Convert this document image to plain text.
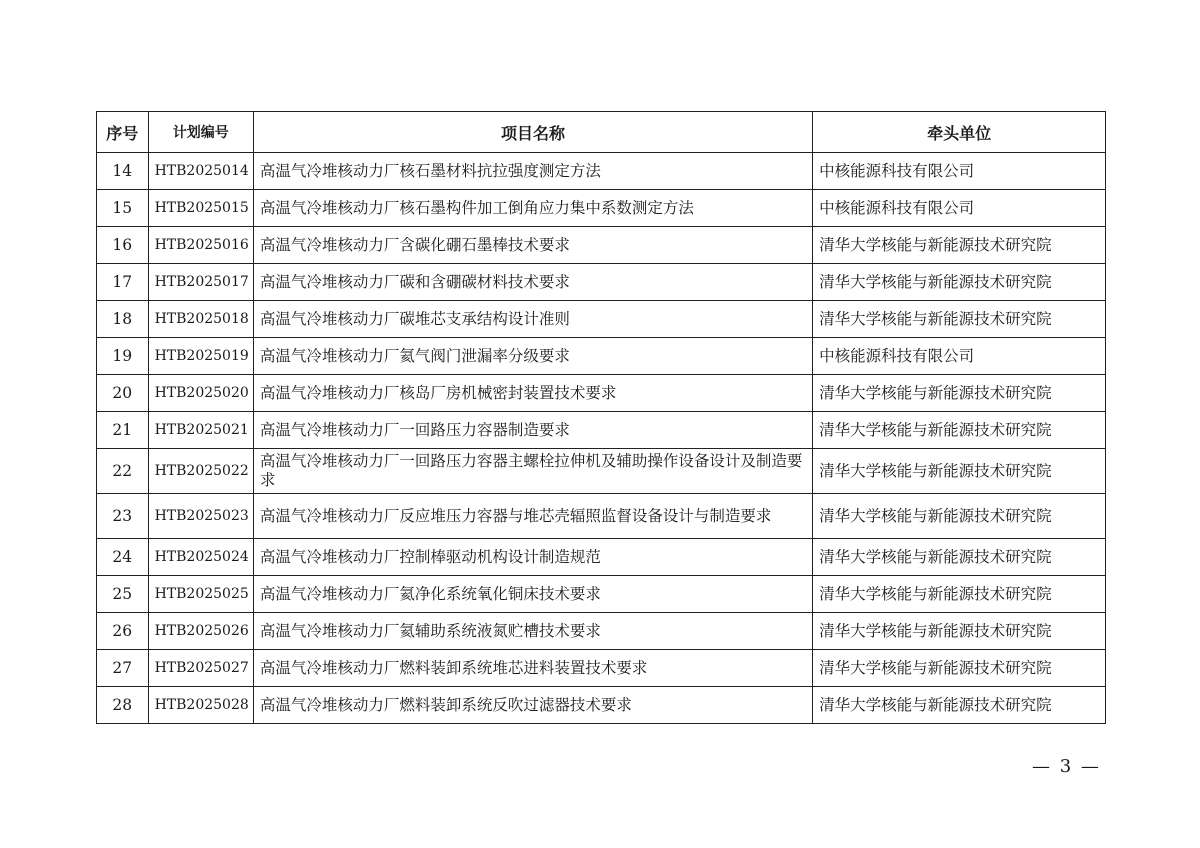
序号	计划编号	项目名称	牵头单位
14	HTB2025014	高温气冷堆核动力厂核石墨材料抗拉强度测定方法	中核能源科技有限公司
15	HTB2025015	高温气冷堆核动力厂核石墨构件加工倒角应力集中系数测定方法	中核能源科技有限公司
16	HTB2025016	高温气冷堆核动力厂含碳化硼石墨棒技术要求	清华大学核能与新能源技术研究院
17	HTB2025017	高温气冷堆核动力厂碳和含硼碳材料技术要求	清华大学核能与新能源技术研究院
18	HTB2025018	高温气冷堆核动力厂碳堆芯支承结构设计准则	清华大学核能与新能源技术研究院
19	HTB2025019	高温气冷堆核动力厂氦气阀门泄漏率分级要求	中核能源科技有限公司
20	HTB2025020	高温气冷堆核动力厂核岛厂房机械密封装置技术要求	清华大学核能与新能源技术研究院
21	HTB2025021	高温气冷堆核动力厂一回路压力容器制造要求	清华大学核能与新能源技术研究院
22	HTB2025022	高温气冷堆核动力厂一回路压力容器主螺栓拉伸机及辅助操作设备设计及制造要求	清华大学核能与新能源技术研究院
23	HTB2025023	高温气冷堆核动力厂反应堆压力容器与堆芯壳辐照监督设备设计与制造要求	清华大学核能与新能源技术研究院
24	HTB2025024	高温气冷堆核动力厂控制棒驱动机构设计制造规范	清华大学核能与新能源技术研究院
25	HTB2025025	高温气冷堆核动力厂氦净化系统氧化铜床技术要求	清华大学核能与新能源技术研究院
26	HTB2025026	高温气冷堆核动力厂氦辅助系统液氮贮槽技术要求	清华大学核能与新能源技术研究院
27	HTB2025027	高温气冷堆核动力厂燃料装卸系统堆芯进料装置技术要求	清华大学核能与新能源技术研究院
28	HTB2025028	高温气冷堆核动力厂燃料装卸系统反吹过滤器技术要求	清华大学核能与新能源技术研究院
— 3 —
